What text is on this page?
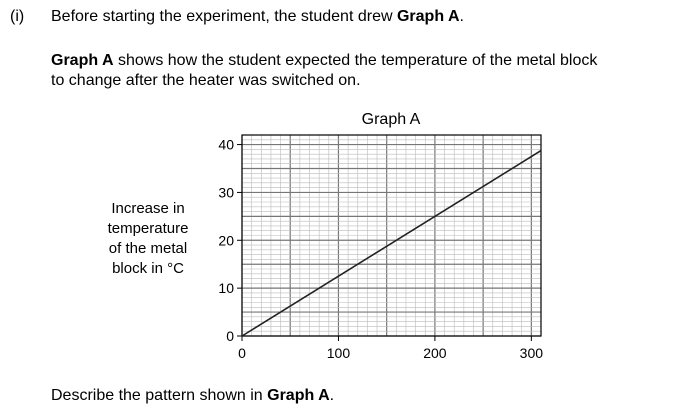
(i) Before starting the experiment, the student drew Graph A.
Graph A shows how the student expected the temperature of the metal block
to change after the heater was switched on.
Increase in
temperature
of the metal
block in °C
Graph A
0
10
20
30
40
0	100	200	300
Describe the pattern shown in Graph A.
